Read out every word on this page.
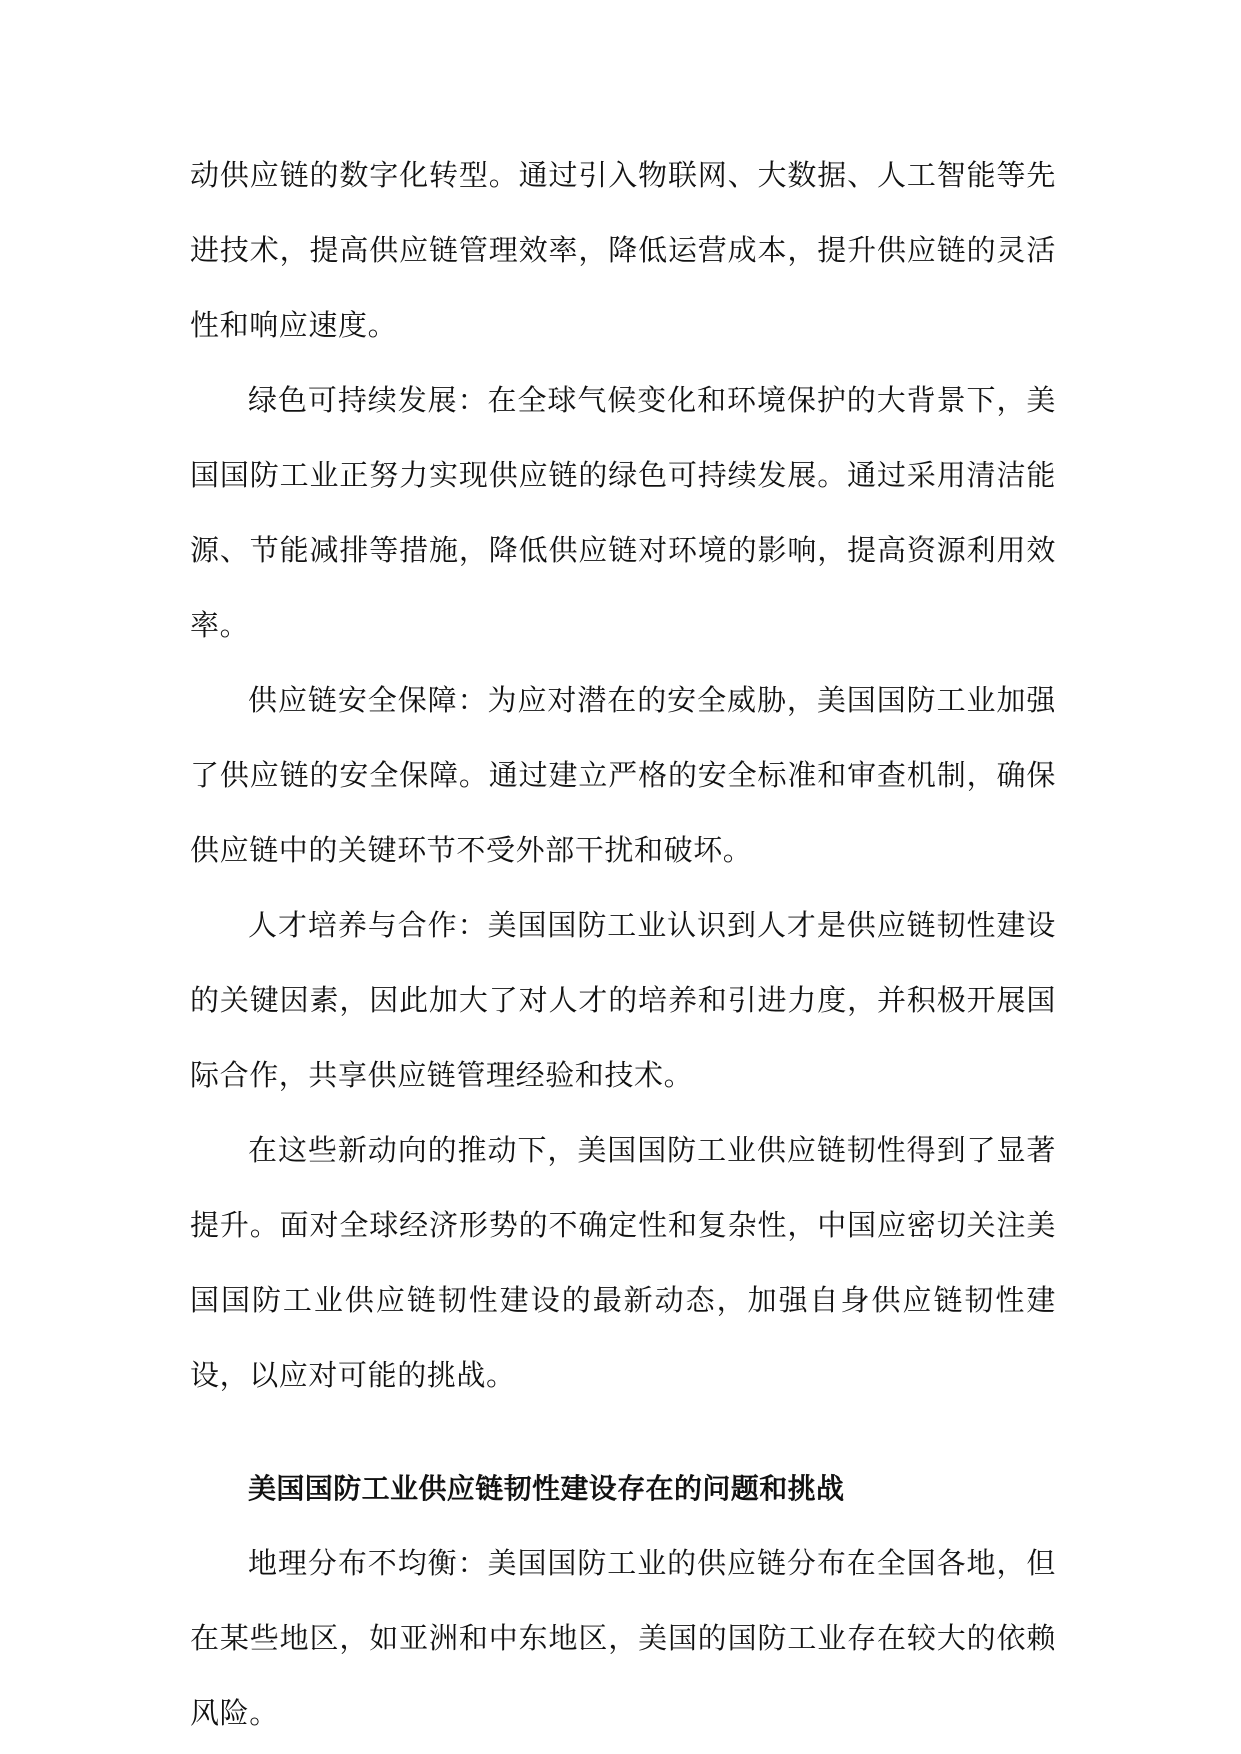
动供应链的数字化转型。通过引入物联网、大数据、人工智能等先进技术，提高供应链管理效率，降低运营成本，提升供应链的灵活性和响应速度。

绿色可持续发展：在全球气候变化和环境保护的大背景下，美国国防工业正努力实现供应链的绿色可持续发展。通过采用清洁能源、节能减排等措施，降低供应链对环境的影响，提高资源利用效率。

供应链安全保障：为应对潜在的安全威胁，美国国防工业加强了供应链的安全保障。通过建立严格的安全标准和审查机制，确保供应链中的关键环节不受外部干扰和破坏。

人才培养与合作：美国国防工业认识到人才是供应链韧性建设的关键因素，因此加大了对人才的培养和引进力度，并积极开展国际合作，共享供应链管理经验和技术。

在这些新动向的推动下，美国国防工业供应链韧性得到了显著提升。面对全球经济形势的不确定性和复杂性，中国应密切关注美国国防工业供应链韧性建设的最新动态，加强自身供应链韧性建设，以应对可能的挑战。

美国国防工业供应链韧性建设存在的问题和挑战

地理分布不均衡：美国国防工业的供应链分布在全国各地，但在某些地区，如亚洲和中东地区，美国的国防工业存在较大的依赖风险。
